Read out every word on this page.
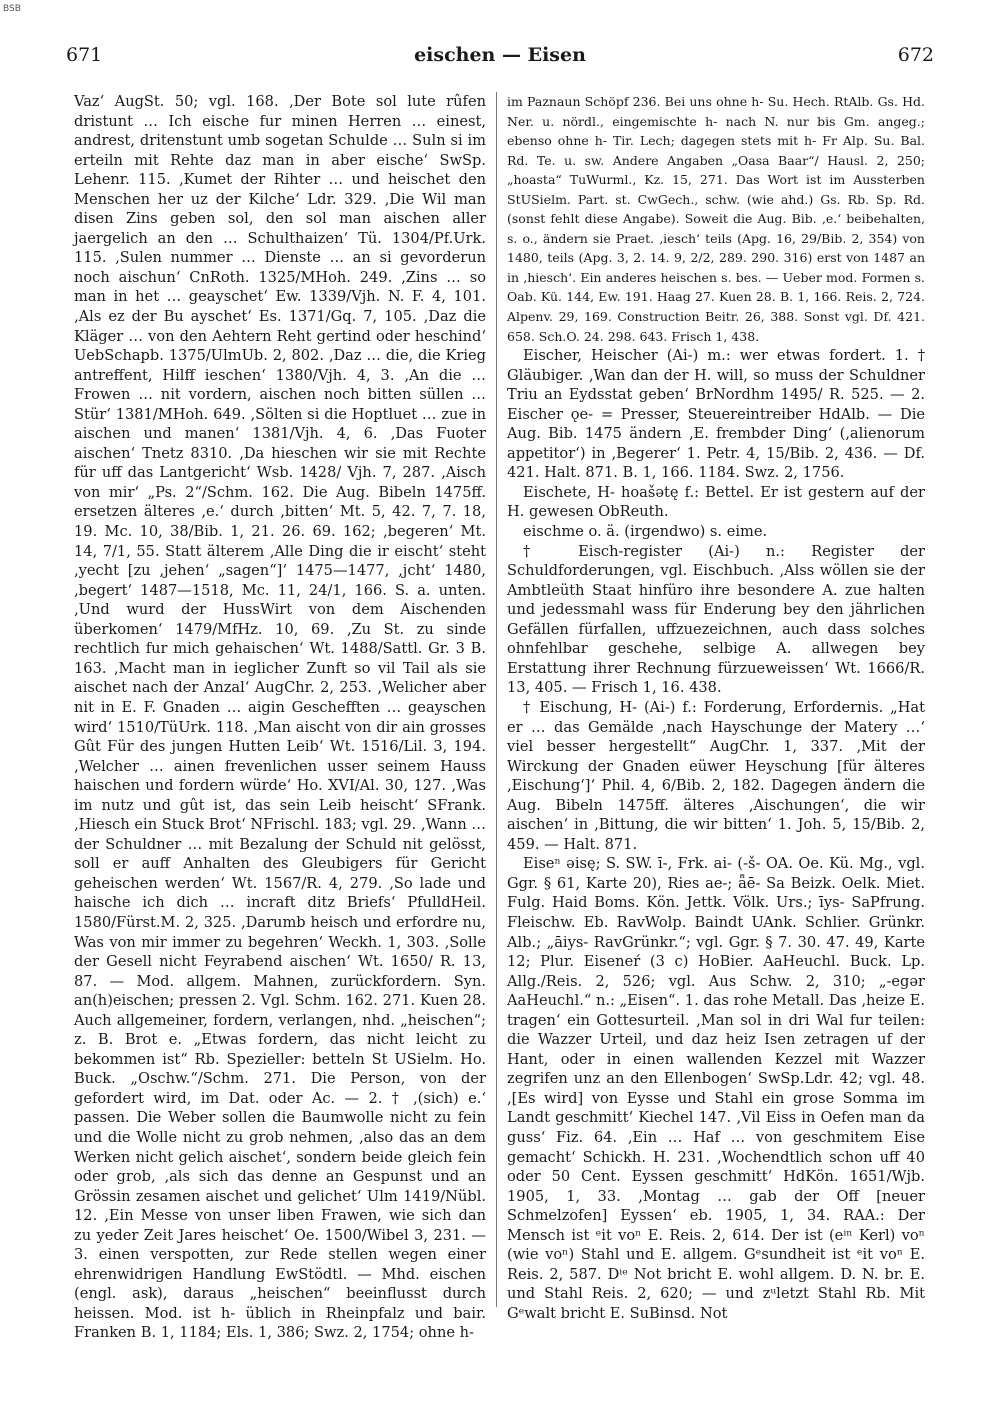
BSB
671	eischen — Eisen	672

Vaz‘ AugSt. 50; vgl. 168. ‚Der Bote sol lute rûfen dristunt … Ich eische fur minen Herren … einest, andrest, dritenstunt umb sogetan Schulde … Suln si im erteiln mit Rehte daz man in aber eische‘ SwSp. Lehenr. 115. ‚Kumet der Rihter … und heischet den Menschen her uz der Kilche‘ Ldr. 329. ‚Die Wil man disen Zins geben sol, den sol man aischen aller jaergelich an den … Schulthaizen‘ Tü. 1304/Pf.Urk. 115. ‚Sulen nummer … Dienste … an si gevorderun noch aischun‘ CnRoth. 1325/MHoh. 249. ‚Zins … so man in het … geayschet‘ Ew. 1339/Vjh. N. F. 4, 101. ‚Als ez der Bu ayschet‘ Es. 1371/Gq. 7, 105. ‚Daz die Kläger … von den Aehtern Reht gertind oder heschind‘ UebSchapb. 1375/UlmUb. 2, 802. ‚Daz … die, die Krieg antreffent, Hilff ieschen‘ 1380/Vjh. 4, 3. ‚An die … Frowen … nit vordern, aischen noch bitten süllen … Stür‘ 1381/MHoh. 649. ‚Sölten si die Hoptluet … zue in aischen und manen‘ 1381/Vjh. 4, 6. ‚Das Fuoter aischen‘ Tnetz 8310. ‚Da hieschen wir sie mit Rechte für uff das Lantgericht‘ Wsb. 1428/ Vjh. 7, 287. ‚Aisch von mir‘ „Ps. 2“/Schm. 162. Die Aug. Bibeln 1475ff. ersetzen älteres ‚e.‘ durch ‚bitten‘ Mt. 5, 42. 7, 7. 18, 19. Mc. 10, 38/Bib. 1, 21. 26. 69. 162; ‚begeren‘ Mt. 14, 7/1, 55. Statt älterem ‚Alle Ding die ir eischt‘ steht ‚yecht [zu ‚jehen‘ „sagen“]‘ 1475—1477, ‚jcht‘ 1480, ‚begert‘ 1487—1518, Mc. 11, 24/1, 166. S. a. unten. ‚Und wurd der HussWirt von dem Aischenden überkomen‘ 1479/MfHz. 10, 69. ‚Zu St. zu sinde rechtlich fur mich gehaischen‘ Wt. 1488/Sattl. Gr. 3 B. 163. ‚Macht man in ieglicher Zunft so vil Tail als sie aischet nach der Anzal‘ AugChr. 2, 253. ‚Welicher aber nit in E. F. Gnaden … aigin Geschefften … geayschen wird‘ 1510/TüUrk. 118. ‚Man aischt von dir ain grosses Gût Für des jungen Hutten Leib‘ Wt. 1516/Lil. 3, 194. ‚Welcher … ainen frevenlichen usser seinem Hauss haischen und fordern würde‘ Ho. XVI/Al. 30, 127. ‚Was im nutz und gût ist, das sein Leib heischt‘ SFrank. ‚Hiesch ein Stuck Brot‘ NFrischl. 183; vgl. 29. ‚Wann … der Schuldner … mit Bezalung der Schuld nit gelösst, soll er auff Anhalten des Gleubigers für Gericht geheischen werden‘ Wt. 1567/R. 4, 279. ‚So lade und haische ich dich … incraft ditz Briefs‘ PfulldHeil. 1580/Fürst.M. 2, 325. ‚Darumb heisch und erfordre nu, Was von mir immer zu begehren‘ Weckh. 1, 303. ‚Solle der Gesell nicht Feyrabend aischen‘ Wt. 1650/ R. 13, 87. — Mod. allgem. Mahnen, zurückfordern. Syn. an(h)eischen; pressen 2. Vgl. Schm. 162. 271. Kuen 28. Auch allgemeiner, fordern, verlangen, nhd. „heischen“; z. B. Brot e. „Etwas fordern, das nicht leicht zu bekommen ist“ Rb. Spezieller: betteln St USielm. Ho. Buck. „Oschw.“/Schm. 271. Die Person, von der gefordert wird, im Dat. oder Ac. — 2. † ‚(sich) e.‘ passen. Die Weber sollen die Baumwolle nicht zu fein und die Wolle nicht zu grob nehmen, ‚also das an dem Werken nicht gelich aischet‘, sondern beide gleich fein oder grob, ‚als sich das denne an Gespunst und an Grössin zesamen aischet und gelichet‘ Ulm 1419/Nübl. 12. ‚Ein Messe von unser liben Frawen, wie sich dan zu yeder Zeit Jares heischet‘ Oe. 1500/Wibel 3, 231. — 3. einen verspotten, zur Rede stellen wegen einer ehrenwidrigen Handlung EwStödtl. — Mhd. eischen (engl. ask), daraus „heischen“ beeinflusst durch heissen. Mod. ist h- üblich in Rheinpfalz und bair. Franken B. 1, 1184; Els. 1, 386; Swz. 2, 1754; ohne h-

im Paznaun Schöpf 236. Bei uns ohne h- Su. Hech. RtAlb. Gs. Hd. Ner. u. nördl., eingemischte h- nach N. nur bis Gm. angeg.; ebenso ohne h- Tir. Lech; dagegen stets mit h- Fr Alp. Su. Bal. Rd. Te. u. sw. Andere Angaben „Oasa Baar“/ Hausl. 2, 250; „hoasta“ TuWurml., Kz. 15, 271. Das Wort ist im Aussterben StUSielm. Part. st. CwGech., schw. (wie ahd.) Gs. Rb. Sp. Rd. (sonst fehlt diese Angabe). Soweit die Aug. Bib. ‚e.‘ beibehalten, s. o., ändern sie Praet. ‚iesch‘ teils (Apg. 16, 29/Bib. 2, 354) von 1480, teils (Apg. 3, 2. 14. 9, 2/2, 289. 290. 316) erst von 1487 an in ‚hiesch‘. Ein anderes heischen s. bes. — Ueber mod. Formen s. Oab. Kü. 144, Ew. 191. Haag 27. Kuen 28. B. 1, 166. Reis. 2, 724. Alpenv. 29, 169. Construction Beitr. 26, 388. Sonst vgl. Df. 421. 658. Sch.O. 24. 298. 643. Frisch 1, 438.

Eischer, Heischer (Ai-) m.: wer etwas fordert. 1. † Gläubiger. ‚Wan dan der H. will, so muss der Schuldner Triu an Eydsstat geben‘ BrNordhm 1495/ R. 525. — 2. Eischer ǫe- = Presser, Steuereintreiber HdAlb. — Die Aug. Bib. 1475 ändern ‚E. frembder Ding‘ (‚alienorum appetitor‘) in ‚Begerer‘ 1. Petr. 4, 15/Bib. 2, 436. — Df. 421. Halt. 871. B. 1, 166. 1184. Swz. 2, 1756.

Eischete, H- hoašətę f.: Bettel. Er ist gestern auf der H. gewesen ObReuth.

eischme o. ä. (irgendwo) s. eime.

† Eisch-register (Ai-) n.: Register der Schuldforderungen, vgl. Eischbuch. ‚Alss wöllen sie der Ambtleüth Staat hinfüro ihre besondere A. zue halten und jedessmahl wass für Enderung bey den jährlichen Gefällen fürfallen, uffzuezeichnen, auch dass solches ohnfehlbar geschehe, selbige A. allwegen bey Erstattung ihrer Rechnung fürzueweissen‘ Wt. 1666/R. 13, 405. — Frisch 1, 16. 438.

† Eischung, H- (Ai-) f.: Forderung, Erfordernis. „Hat er … das Gemälde ‚nach Hayschunge der Matery …‘ viel besser hergestellt“ AugChr. 1, 337. ‚Mit der Wirckung der Gnaden eüwer Heyschung [für älteres ‚Eischung‘]‘ Phil. 4, 6/Bib. 2, 182. Dagegen ändern die Aug. Bibeln 1475ff. älteres ‚Aischungen‘, die wir aischen‘ in ‚Bittung, die wir bitten‘ 1. Joh. 5, 15/Bib. 2, 459. — Halt. 871.

Eiseⁿ əisę; S. SW. ī-, Frk. ai- (-š- OA. Oe. Kü. Mg., vgl. Ggr. § 61, Karte 20), Ries ae-; ǟē- Sa Beizk. Oelk. Miet. Fulg. Haid Boms. Kön. Jettk. Völk. Urs.; īys- SaPfrung. Fleischw. Eb. RavWolp. Baindt UAnk. Schlier. Grünkr. Alb.; „āiys- RavGrünkr.“; vgl. Ggr. § 7. 30. 47. 49, Karte 12; Plur. Eiseneŕ (3 c) HoBier. AaHeuchl. Buck. Lp. Allg./Reis. 2, 526; vgl. Aus Schw. 2, 310; „-egər AaHeuchl.“ n.: „Eisen“. 1. das rohe Metall. Das ‚heize E. tragen‘ ein Gottesurteil. ‚Man sol in dri Wal fur teilen: die Wazzer Urteil, und daz heiz Isen zetragen uf der Hant, oder in einen wallenden Kezzel mit Wazzer zegrifen unz an den Ellenbogen‘ SwSp.Ldr. 42; vgl. 48. ‚[Es wird] von Eysse und Stahl ein grose Somma im Landt geschmitt‘ Kiechel 147. ‚Vil Eiss in Oefen man da guss‘ Fiz. 64. ‚Ein … Haf … von geschmitem Eise gemacht‘ Schickh. H. 231. ‚Wochendtlich schon uff 40 oder 50 Cent. Eyssen geschmitt‘ HdKön. 1651/Wjb. 1905, 1, 33. ‚Montag … gab der Off [neuer Schmelzofen] Eyssen‘ eb. 1905, 1, 34. RAA.: Der Mensch ist ᵉit voⁿ E. Reis. 2, 614. Der ist (eⁱⁿ Kerl) voⁿ (wie voⁿ) Stahl und E. allgem. Gᵉsundheit ist ᵉit voⁿ E. Reis. 2, 587. Dⁱᵉ Not bricht E. wohl allgem. D. N. br. E. und Stahl Reis. 2, 620; — und zᵘletzt Stahl Rb. Mit Gᵉwalt bricht E. SuBinsd. Not
